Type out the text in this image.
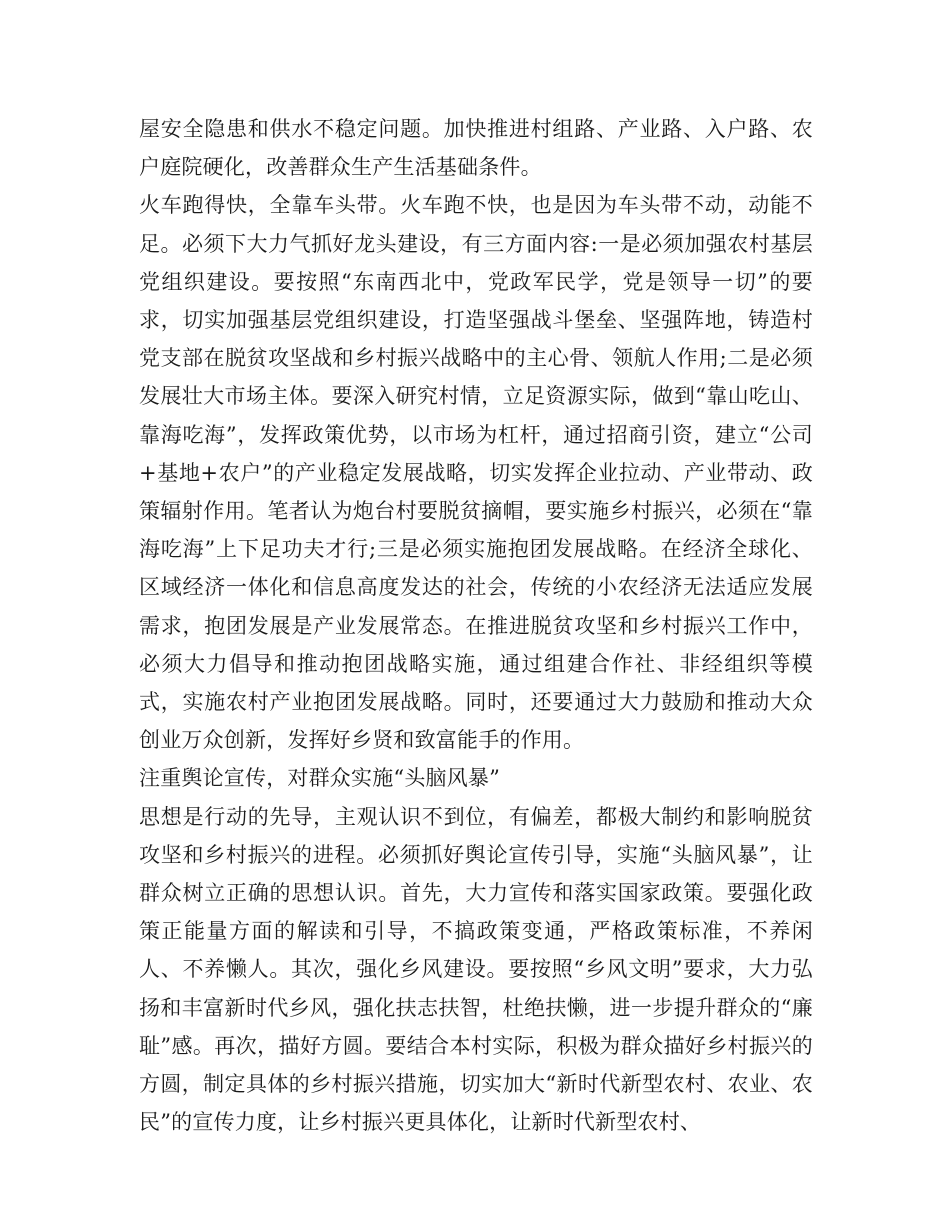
屋安全隐患和供水不稳定问题。加快推进村组路、产业路、入户路、农户庭院硬化，改善群众生产生活基础条件。

火车跑得快，全靠车头带。火车跑不快，也是因为车头带不动，动能不足。必须下大力气抓好龙头建设，有三方面内容:一是必须加强农村基层党组织建设。要按照“东南西北中，党政军民学，党是领导一切”的要求，切实加强基层党组织建设，打造坚强战斗堡垒、坚强阵地，铸造村党支部在脱贫攻坚战和乡村振兴战略中的主心骨、领航人作用;二是必须发展壮大市场主体。要深入研究村情，立足资源实际，做到“靠山吃山、靠海吃海”，发挥政策优势，以市场为杠杆，通过招商引资，建立“公司+基地+农户”的产业稳定发展战略，切实发挥企业拉动、产业带动、政策辐射作用。笔者认为炮台村要脱贫摘帽，要实施乡村振兴，必须在“靠海吃海”上下足功夫才行;三是必须实施抱团发展战略。在经济全球化、区域经济一体化和信息高度发达的社会，传统的小农经济无法适应发展需求，抱团发展是产业发展常态。在推进脱贫攻坚和乡村振兴工作中，必须大力倡导和推动抱团战略实施，通过组建合作社、非经组织等模式，实施农村产业抱团发展战略。同时，还要通过大力鼓励和推动大众创业万众创新，发挥好乡贤和致富能手的作用。

注重舆论宣传，对群众实施“头脑风暴”

思想是行动的先导，主观认识不到位，有偏差，都极大制约和影响脱贫攻坚和乡村振兴的进程。必须抓好舆论宣传引导，实施“头脑风暴”，让群众树立正确的思想认识。首先，大力宣传和落实国家政策。要强化政策正能量方面的解读和引导，不搞政策变通，严格政策标准，不养闲人、不养懒人。其次，强化乡风建设。要按照“乡风文明”要求，大力弘扬和丰富新时代乡风，强化扶志扶智，杜绝扶懒，进一步提升群众的“廉耻”感。再次，描好方圆。要结合本村实际，积极为群众描好乡村振兴的方圆，制定具体的乡村振兴措施，切实加大“新时代新型农村、农业、农民”的宣传力度，让乡村振兴更具体化，让新时代新型农村、
